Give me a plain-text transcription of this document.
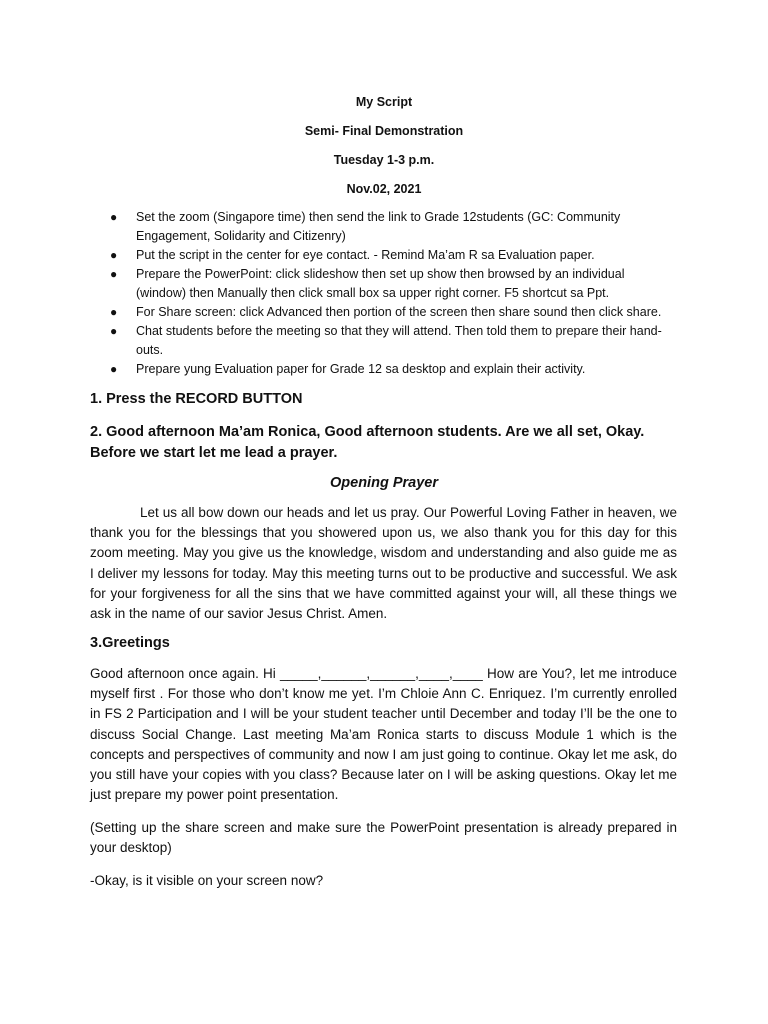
My Script
Semi- Final Demonstration
Tuesday 1-3 p.m.
Nov.02, 2021
● Set the zoom (Singapore time) then send the link to Grade 12students (GC: Community Engagement, Solidarity and Citizenry)
● Put the script in the center for eye contact. - Remind Ma’am R sa Evaluation paper.
● Prepare the PowerPoint: click slideshow then set up show then browsed by an individual (window) then Manually then click small box sa upper right corner. F5 shortcut sa Ppt.
● For Share screen: click Advanced then portion of the screen then share sound then click share.
● Chat students before the meeting so that they will attend. Then told them to prepare their hand-outs.
● Prepare yung Evaluation paper for Grade 12 sa desktop and explain their activity.
1. Press the RECORD BUTTON
2. Good afternoon Ma’am Ronica, Good afternoon students. Are we all set, Okay. Before we start let me lead a prayer.
Opening Prayer

Let us all bow down our heads and let us pray. Our Powerful Loving Father in heaven, we thank you for the blessings that you showered upon us, we also thank you for this day for this zoom meeting. May you give us the knowledge, wisdom and understanding and also guide me as I deliver my lessons for today. May this meeting turns out to be productive and successful. We ask for your forgiveness for all the sins that we have committed against your will, all these things we ask in the name of our savior Jesus Christ. Amen.

3.Greetings

Good afternoon once again. Hi _____,______,______,____,____ How are You?, let me introduce myself first . For those who don’t know me yet. I’m Chloie Ann C. Enriquez. I’m currently enrolled in FS 2 Participation and I will be your student teacher until December and today I’ll be the one to discuss Social Change. Last meeting Ma’am Ronica starts to discuss Module 1 which is the concepts and perspectives of community and now I am just going to continue. Okay let me ask, do you still have your copies with you class? Because later on I will be asking questions. Okay let me just prepare my power point presentation.

(Setting up the share screen and make sure the PowerPoint presentation is already prepared in your desktop)

-Okay, is it visible on your screen now?
